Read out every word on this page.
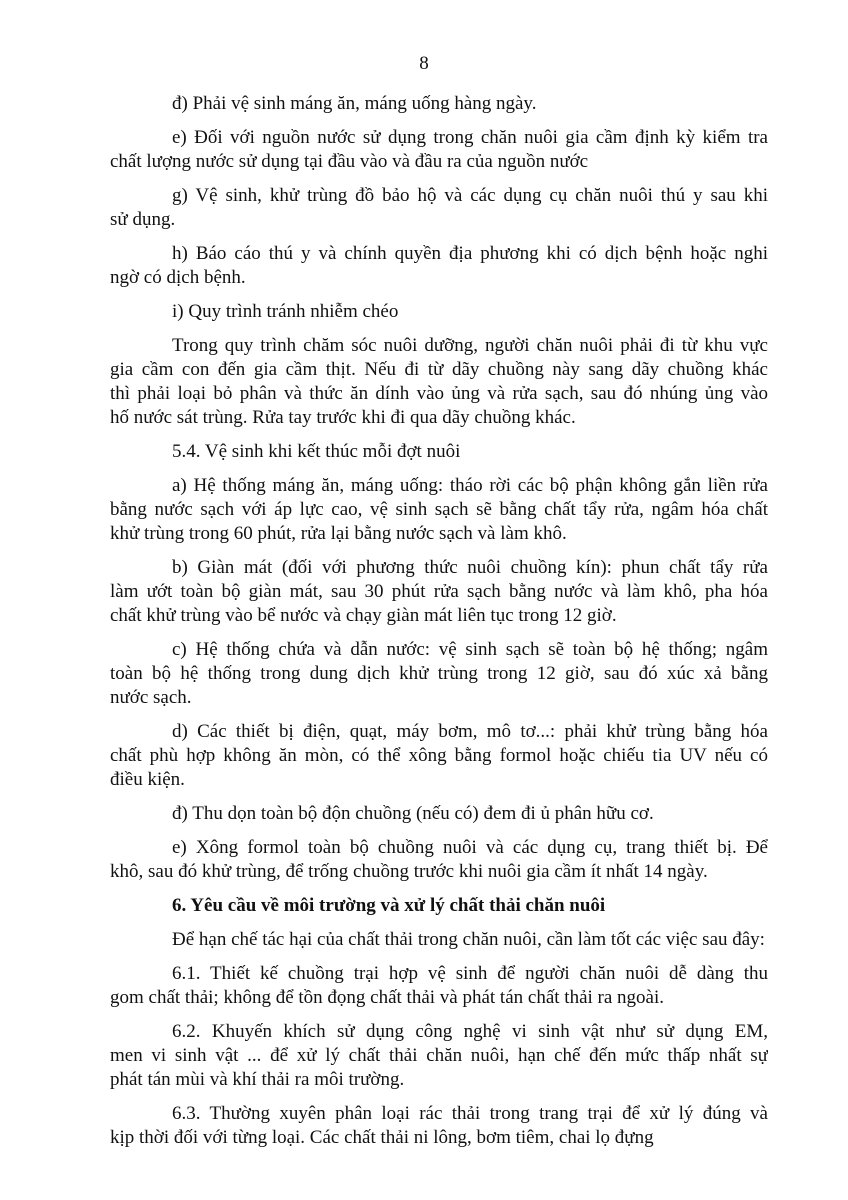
8
đ) Phải vệ sinh máng ăn, máng uống hàng ngày.
e) Đối với nguồn nước sử dụng trong chăn nuôi gia cầm định kỳ kiểm tra
chất lượng nước sử dụng tại đầu vào và đầu ra của nguồn nước
g) Vệ sinh, khử trùng đồ bảo hộ và các dụng cụ chăn nuôi thú y sau khi
sử dụng.
h) Báo cáo thú y và chính quyền địa phương khi có dịch bệnh hoặc nghi
ngờ có dịch bệnh.
i) Quy trình tránh nhiễm chéo
Trong quy trình chăm sóc nuôi dưỡng, người chăn nuôi phải đi từ khu vực
gia cầm con đến gia cầm thịt. Nếu đi từ dãy chuồng này sang dãy chuồng khác
thì phải loại bỏ phân và thức ăn dính vào ủng và rửa sạch, sau đó nhúng ủng vào
hố nước sát trùng. Rửa tay trước khi đi qua dãy chuồng khác.
5.4. Vệ sinh khi kết thúc mỗi đợt nuôi
a) Hệ thống máng ăn, máng uống: tháo rời các bộ phận không gắn liền rửa
bằng nước sạch với áp lực cao, vệ sinh sạch sẽ bằng chất tẩy rửa, ngâm hóa chất
khử trùng trong 60 phút, rửa lại bằng nước sạch và làm khô.
b) Giàn mát (đối với phương thức nuôi chuồng kín): phun chất tẩy rửa
làm ướt toàn bộ giàn mát, sau 30 phút rửa sạch bằng nước và làm khô, pha hóa
chất khử trùng vào bể nước và chạy giàn mát liên tục trong 12 giờ.
c) Hệ thống chứa và dẫn nước: vệ sinh sạch sẽ toàn bộ hệ thống; ngâm
toàn bộ hệ thống trong dung dịch khử trùng trong 12 giờ, sau đó xúc xả bằng
nước sạch.
d) Các thiết bị điện, quạt, máy bơm, mô tơ...: phải khử trùng bằng hóa
chất phù hợp không ăn mòn, có thể xông bằng formol hoặc chiếu tia UV nếu có
điều kiện.
đ) Thu dọn toàn bộ độn chuồng (nếu có) đem đi ủ phân hữu cơ.
e) Xông formol toàn bộ chuồng nuôi và các dụng cụ, trang thiết bị. Để
khô, sau đó khử trùng, để trống chuồng trước khi nuôi gia cầm ít nhất 14 ngày.
6. Yêu cầu về môi trường và xử lý chất thải chăn nuôi
Để hạn chế tác hại của chất thải trong chăn nuôi, cần làm tốt các việc sau đây:
6.1. Thiết kế chuồng trại hợp vệ sinh để người chăn nuôi dễ dàng thu
gom chất thải; không để tồn đọng chất thải và phát tán chất thải ra ngoài.
6.2. Khuyến khích sử dụng công nghệ vi sinh vật như sử dụng EM,
men vi sinh vật ... để xử lý chất thải chăn nuôi, hạn chế đến mức thấp nhất sự
phát tán mùi và khí thải ra môi trường.
6.3. Thường xuyên phân loại rác thải trong trang trại để xử lý đúng và
kịp thời đối với từng loại. Các chất thải ni lông, bơm tiêm, chai lọ đựng
